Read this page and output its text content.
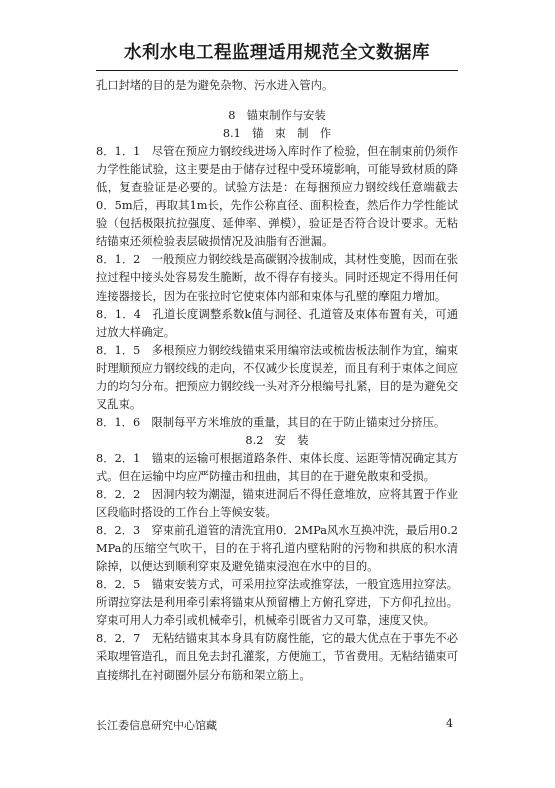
水利水电工程监理适用规范全文数据库

孔口封堵的目的是为避免杂物、污水进入管内。

8　锚束制作与安装

8.1　锚　束　制　作

8．1．1　尽管在预应力钢绞线进场入库时作了检验，但在制束前仍须作力学性能试验，这主要是由于储存过程中受环境影响，可能导致材质的降低，复查验证是必要的。试验方法是：在每捆预应力钢绞线任意端截去0．5m后，再取其1m长，先作公称直径、面积检查，然后作力学性能试验（包括极限抗拉强度、延伸率、弹模），验证是否符合设计要求。无粘结锚束还须检验表层破损情况及油脂有否泄漏。

8．1．2　一般预应力钢绞线是高碳钢冷拔制成，其材性变脆，因而在张拉过程中接头处容易发生脆断，故不得存有接头。同时还规定不得用任何连接器接长，因为在张拉时它使束体内部和束体与孔壁的摩阻力增加。

8．1．4　孔道长度调整系数k值与洞径、孔道管及束体布置有关，可通过放大样确定。

8．1．5　多根预应力钢绞线锚束采用编帘法或梳齿板法制作为宜，编束时理顺预应力钢绞线的走向，不仅减少长度误差，而且有利于束体之间应力的均匀分布。把预应力钢绞线一头对齐分根编号扎紧，目的是为避免交叉乱束。

8．1．6　限制每平方米堆放的重量，其目的在于防止锚束过分挤压。

8.2　安　装

8．2．1　锚束的运输可根据道路条件、束体长度、运距等情况确定其方式。但在运输中均应严防撞击和扭曲，其目的在于避免散束和受损。

8．2．2　因洞内较为潮湿，锚束进洞后不得任意堆放，应将其置于作业区段临时搭设的工作台上等候安装。

8．2．3　穿束前孔道管的清洗宜用0．2MPa风水互换冲洗，最后用0.2MPa的压缩空气吹干，目的在于将孔道内壁粘附的污物和拱底的积水清除掉，以便达到顺利穿束及避免锚束浸泡在水中的目的。

8．2．5　锚束安装方式，可采用拉穿法或推穿法，一般宜选用拉穿法。所谓拉穿法是利用牵引索将锚束从预留槽上方俯孔穿进，下方仰孔拉出。穿束可用人力牵引或机械牵引，机械牵引既省力又可靠，速度又快。

8．2．7　无粘结锚束其本身具有防腐性能，它的最大优点在于事先不必采取埋管造孔，而且免去封孔灌浆，方便施工，节省费用。无粘结锚束可直接绑扎在衬砌圈外层分布筋和架立筋上。

长江委信息研究中心馆藏	4
